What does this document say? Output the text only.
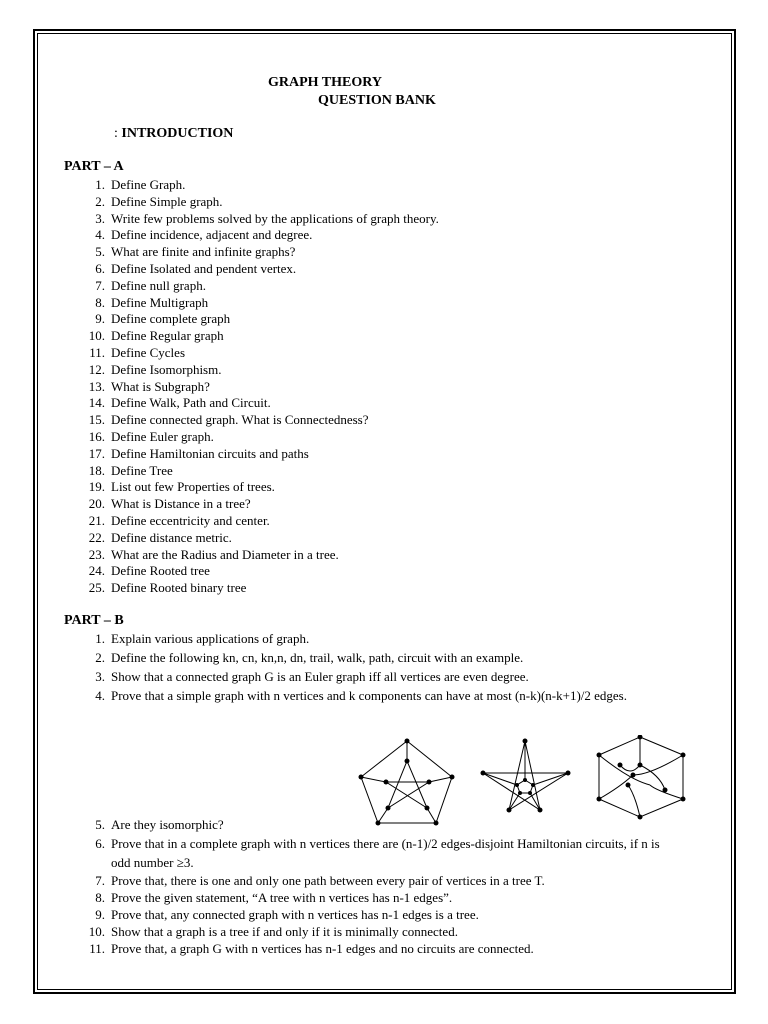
GRAPH THEORY
QUESTION BANK
: INTRODUCTION
PART – A
1. Define Graph.
2. Define Simple graph.
3. Write few problems solved by the applications of graph theory.
4. Define incidence, adjacent and degree.
5. What are finite and infinite graphs?
6. Define Isolated and pendent vertex.
7. Define null graph.
8. Define Multigraph
9. Define complete graph
10. Define Regular graph
11. Define Cycles
12. Define Isomorphism.
13. What is Subgraph?
14. Define Walk, Path and Circuit.
15. Define connected graph. What is Connectedness?
16. Define Euler graph.
17. Define Hamiltonian circuits and paths
18. Define Tree
19. List out few Properties of trees.
20. What is Distance in a tree?
21. Define eccentricity and center.
22. Define distance metric.
23. What are the Radius and Diameter in a tree.
24. Define Rooted tree
25. Define Rooted binary tree
PART – B
1. Explain various applications of graph.
2. Define the following kn, cn, kn,n, dn, trail, walk, path, circuit with an example.
3. Show that a connected graph G is an Euler graph iff all vertices are even degree.
4. Prove that a simple graph with n vertices and k components can have at most (n-k)(n-k+1)/2 edges.
5. Are they isomorphic?
6. Prove that in a complete graph with n vertices there are (n-1)/2 edges-disjoint Hamiltonian circuits, if n is odd number ≥3.
7. Prove that, there is one and only one path between every pair of vertices in a tree T.
8. Prove the given statement, “A tree with n vertices has n-1 edges”.
9. Prove that, any connected graph with n vertices has n-1 edges is a tree.
10. Show that a graph is a tree if and only if it is minimally connected.
11. Prove that, a graph G with n vertices has n-1 edges and no circuits are connected.
